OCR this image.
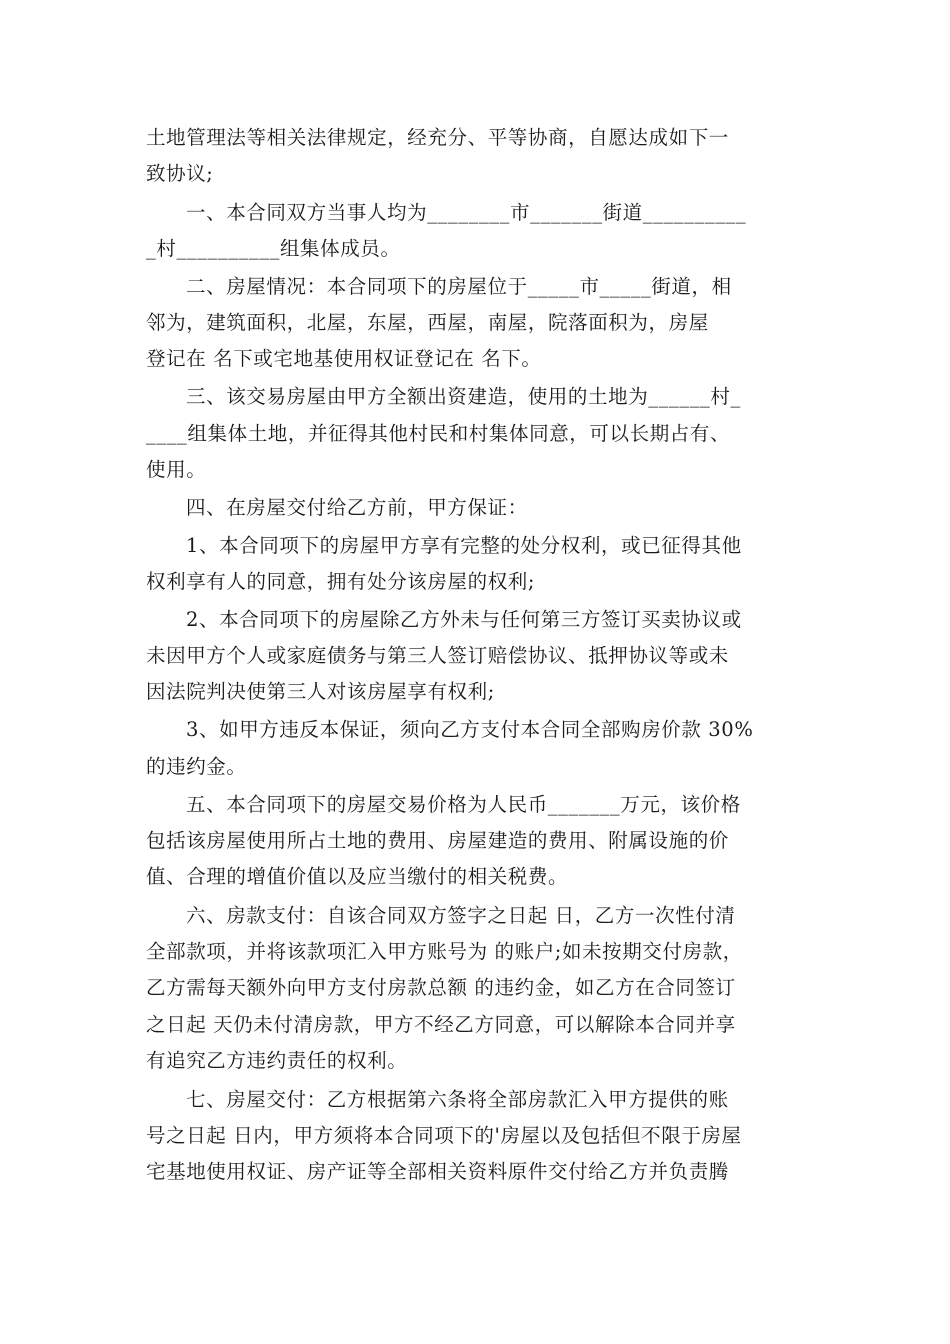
土地管理法等相关法律规定，经充分、平等协商，自愿达成如下一
致协议;
一、本合同双方当事人均为________市_______街道__________
_村__________组集体成员。
二、房屋情况：本合同项下的房屋位于_____市_____街道，相
邻为，建筑面积，北屋，东屋，西屋，南屋，院落面积为，房屋
登记在 名下或宅地基使用权证登记在 名下。
三、该交易房屋由甲方全额出资建造，使用的土地为______村_
____组集体土地，并征得其他村民和村集体同意，可以长期占有、
使用。
四、在房屋交付给乙方前，甲方保证：
1、本合同项下的房屋甲方享有完整的处分权利，或已征得其他
权利享有人的同意，拥有处分该房屋的权利;
2、本合同项下的房屋除乙方外未与任何第三方签订买卖协议或
未因甲方个人或家庭债务与第三人签订赔偿协议、抵押协议等或未
因法院判决使第三人对该房屋享有权利;
3、如甲方违反本保证，须向乙方支付本合同全部购房价款 30%
的违约金。
五、本合同项下的房屋交易价格为人民币_______万元，该价格
包括该房屋使用所占土地的费用、房屋建造的费用、附属设施的价
值、合理的增值价值以及应当缴付的相关税费。
六、房款支付：自该合同双方签字之日起 日，乙方一次性付清
全部款项，并将该款项汇入甲方账号为 的账户;如未按期交付房款，
乙方需每天额外向甲方支付房款总额 的违约金，如乙方在合同签订
之日起 天仍未付清房款，甲方不经乙方同意，可以解除本合同并享
有追究乙方违约责任的权利。
七、房屋交付：乙方根据第六条将全部房款汇入甲方提供的账
号之日起 日内，甲方须将本合同项下的'房屋以及包括但不限于房屋
宅基地使用权证、房产证等全部相关资料原件交付给乙方并负责腾
